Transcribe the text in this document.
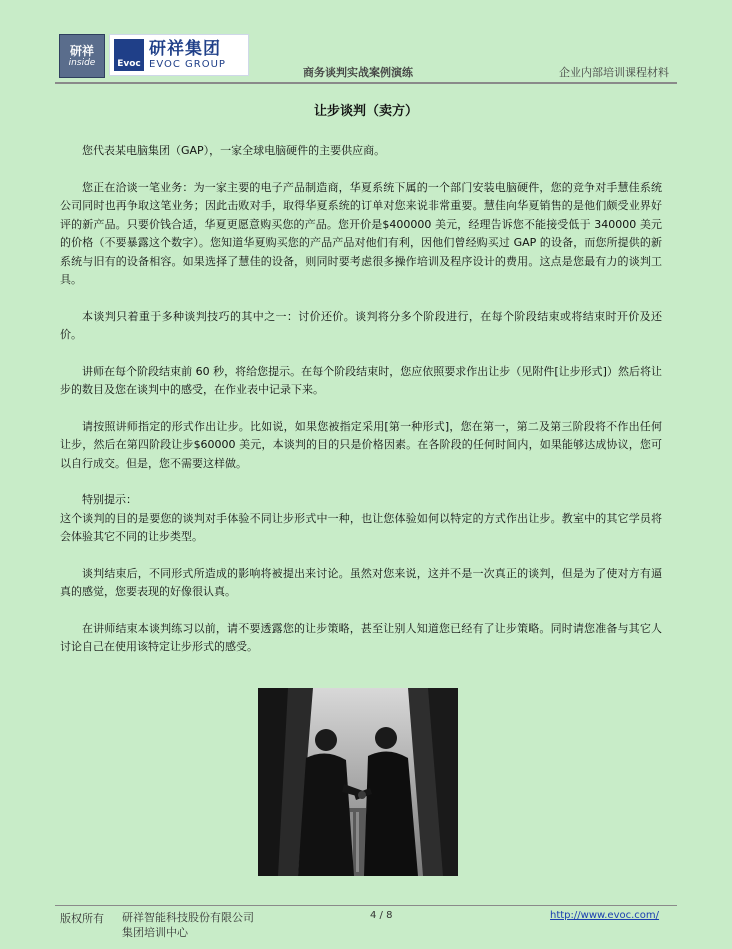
研祥
inside	Evoc
研祥集团
EVOC GROUP
商务谈判实战案例演练	企业内部培训课程材料
让步谈判（卖方）

您代表某电脑集团（GAP），一家全球电脑硬件的主要供应商。

您正在洽谈一笔业务：为一家主要的电子产品制造商，华夏系统下属的一个部门安装电脑硬件，您的竞争对手慧佳系统公司同时也再争取这笔业务；因此击败对手，取得华夏系统的订单对您来说非常重要。慧佳向华夏销售的是他们颇受业界好评的新产品。只要价钱合适，华夏更愿意购买您的产品。您开价是$400000 美元，经理告诉您不能接受低于 340000 美元的价格（不要暴露这个数字）。您知道华夏购买您的产品产品对他们有利，因他们曾经购买过 GAP 的设备，而您所提供的新系统与旧有的设备相容。如果选择了慧佳的设备，则同时要考虑很多操作培训及程序设计的费用。这点是您最有力的谈判工具。

本谈判只着重于多种谈判技巧的其中之一：讨价还价。谈判将分多个阶段进行，在每个阶段结束或将结束时开价及还价。

讲师在每个阶段结束前 60 秒，将给您提示。在每个阶段结束时，您应依照要求作出让步（见附件[让步形式]）然后将让步的数目及您在谈判中的感受，在作业表中记录下来。

请按照讲师指定的形式作出让步。比如说，如果您被指定采用[第一种形式]，您在第一，第二及第三阶段将不作出任何让步，然后在第四阶段让步$60000 美元，本谈判的目的只是价格因素。在各阶段的任何时间内，如果能够达成协议，您可以自行成交。但是，您不需要这样做。

特别提示：

这个谈判的目的是要您的谈判对手体验不同让步形式中一种，也让您体验如何以特定的方式作出让步。教室中的其它学员将会体验其它不同的让步类型。

谈判结束后，不同形式所造成的影响将被提出来讨论。虽然对您来说，这并不是一次真正的谈判，但是为了使对方有逼真的感觉，您要表现的好像很认真。

在讲师结束本谈判练习以前，请不要透露您的让步策略，甚至让别人知道您已经有了让步策略。同时请您准备与其它人讨论自己在使用该特定让步形式的感受。

版权所有 研祥智能科技股份有限公司
集团培训中心
4 / 8	http://www.evoc.com/
